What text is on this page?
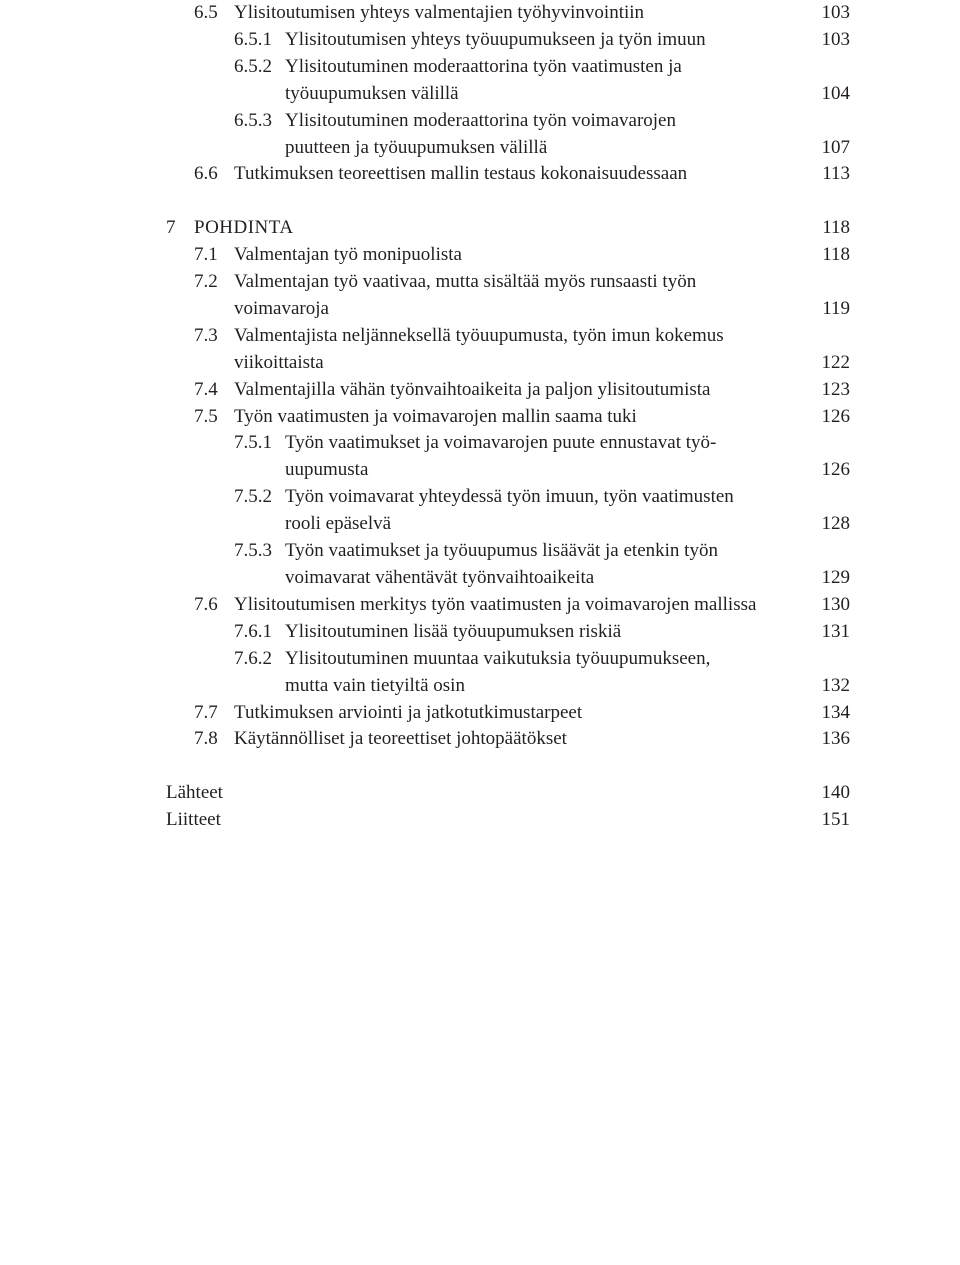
6.5 Ylisitoutumisen yhteys valmentajien työhyvinvointiin	103
6.5.1 Ylisitoutumisen yhteys työuupumukseen ja työn imuun	103
6.5.2 Ylisitoutuminen moderaattorina työn vaatimusten ja
työuupumuksen välillä	104
6.5.3 Ylisitoutuminen moderaattorina työn voimavarojen
puutteen ja työuupumuksen välillä	107
6.6 Tutkimuksen teoreettisen mallin testaus kokonaisuudessaan	113
7 POHDINTA	118
7.1 Valmentajan työ monipuolista	118
7.2 Valmentajan työ vaativaa, mutta sisältää myös runsaasti työn
voimavaroja	119
7.3 Valmentajista neljänneksellä työuupumusta, työn imun kokemus
viikoittaista	122
7.4 Valmentajilla vähän työnvaihtoaikeita ja paljon ylisitoutumista	123
7.5 Työn vaatimusten ja voimavarojen mallin saama tuki	126
7.5.1 Työn vaatimukset ja voimavarojen puute ennustavat työ-
uupumusta	126
7.5.2 Työn voimavarat yhteydessä työn imuun, työn vaatimusten
rooli epäselvä	128
7.5.3 Työn vaatimukset ja työuupumus lisäävät ja etenkin työn
voimavarat vähentävät työnvaihtoaikeita	129
7.6 Ylisitoutumisen merkitys työn vaatimusten ja voimavarojen mallissa	130
7.6.1 Ylisitoutuminen lisää työuupumuksen riskiä	131
7.6.2 Ylisitoutuminen muuntaa vaikutuksia työuupumukseen,
mutta vain tietyiltä osin	132
7.7 Tutkimuksen arviointi ja jatkotutkimustarpeet	134
7.8 Käytännölliset ja teoreettiset johtopäätökset	136
Lähteet	140
Liitteet	151
